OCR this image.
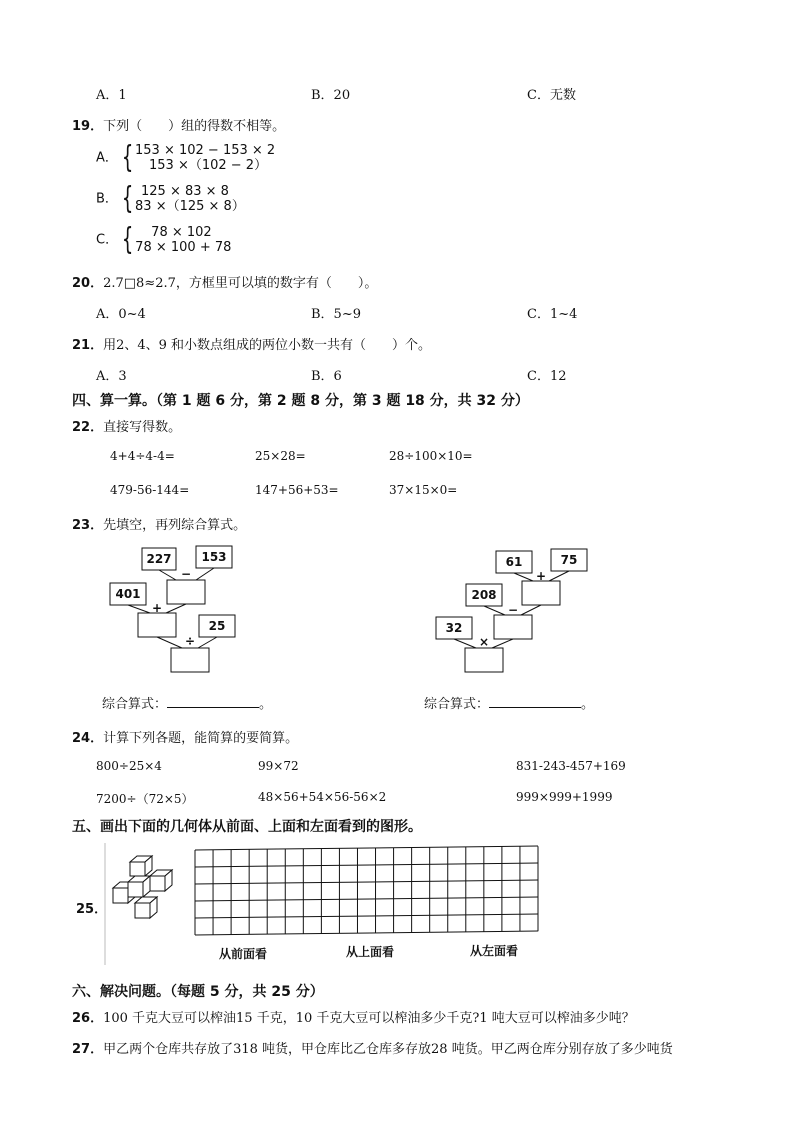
A．1	B．20	C．无数
19．下列（　　）组的得数不相等。
A． { 153 × 102 − 153 × 2
153 ×（102 − 2）
B． { 125 × 83 × 8
83 ×（125 × 8）
C． {	78 × 102
78 × 100 + 78
20．2.7□8≈2.7，方框里可以填的数字有（　　）。
A．0~4	B．5~9	C．1~4
21．用2、4、9 和小数点组成的两位小数一共有（　　）个。
A．3	B．6	C．12
四、算一算。（第 1 题 6 分，第 2 题 8 分，第 3 题 18 分，共 32 分）
22．直接写得数。
4+4÷4-4=	25×28=	28÷100×10=
479-56-144=	147+56+53=	37×15×0=
23．先填空，再列综合算式。
227 153
−
401
+
25
÷
61	75
+
208
−
32
×
综合算式：	。	综合算式：	。
24．计算下列各题，能简算的要简算。
800÷25×4	99×72	831-243-457+169
7200÷（72×5）	48×56+54×56-56×2	999×999+1999
五、画出下面的几何体从前面、上面和左面看到的图形。
25．
从前面看	从上面看	从左面看
六、解决问题。（每题 5 分，共 25 分）
26．100 千克大豆可以榨油15 千克，10 千克大豆可以榨油多少千克?1 吨大豆可以榨油多少吨？
27．甲乙两个仓库共存放了318 吨货，甲仓库比乙仓库多存放28 吨货。甲乙两仓库分别存放了多少吨货
